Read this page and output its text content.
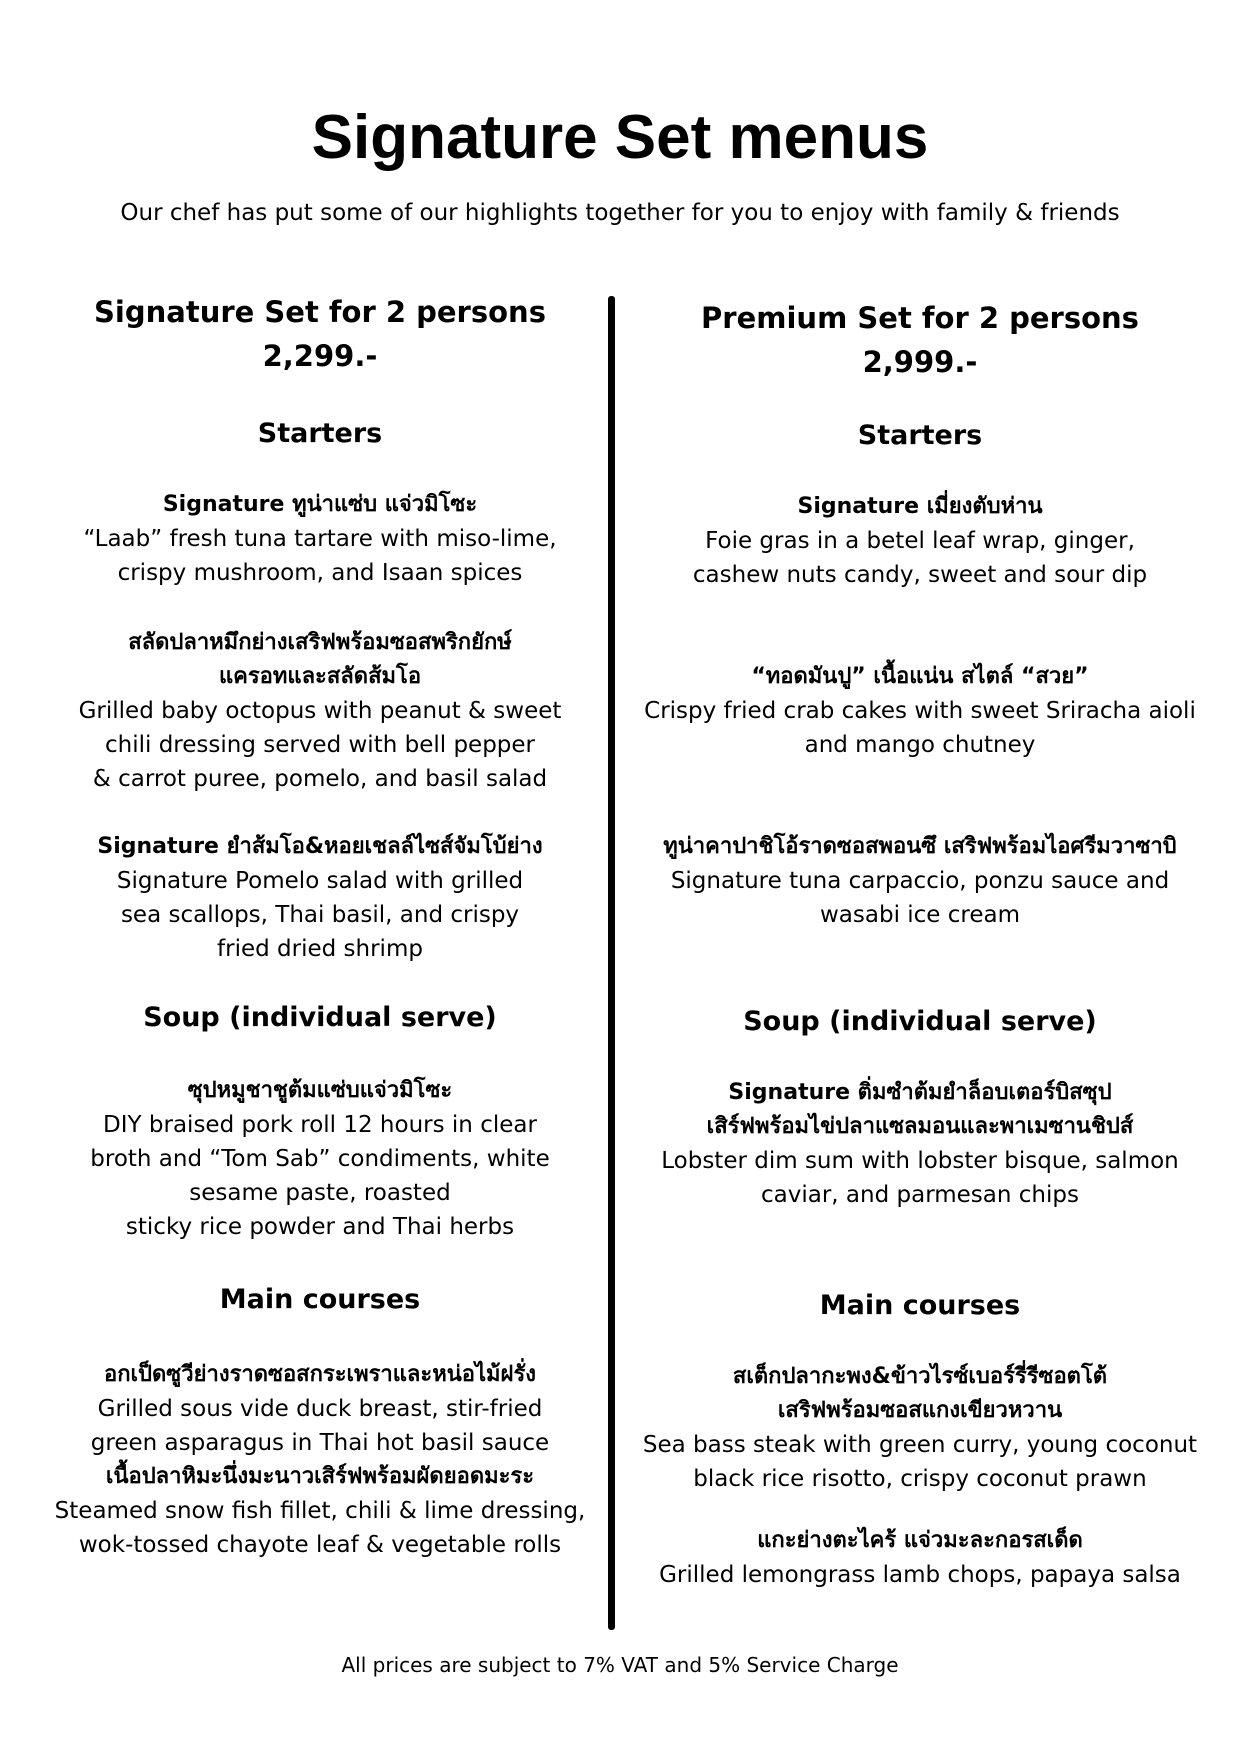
Signature Set menus
Our chef has put some of our highlights together for you to enjoy with family & friends
Signature Set for 2 persons
2,299.-
Starters
Signature ทูน่าแซ่บ แจ่วมิโซะ
“Laab” fresh tuna tartare with miso-lime,
crispy mushroom, and Isaan spices
สลัดปลาหมึกย่างเสริฟพร้อมซอสพริกยักษ์
แครอทและสลัดส้มโอ
Grilled baby octopus with peanut & sweet
chili dressing served with bell pepper
& carrot puree, pomelo, and basil salad
Signature ยำส้มโอ&หอยเชลล์ไซส์จัมโบ้ย่าง
Signature Pomelo salad with grilled
sea scallops, Thai basil, and crispy
fried dried shrimp
Soup (individual serve)
ซุปหมูชาชูต้มแซ่บแจ่วมิโซะ
DIY braised pork roll 12 hours in clear
broth and “Tom Sab” condiments, white
sesame paste, roasted
sticky rice powder and Thai herbs
Main courses
อกเป็ดซูวีย่างราดซอสกระเพราและหน่อไม้ฝรั่ง
Grilled sous vide duck breast, stir-fried
green asparagus in Thai hot basil sauce
เนื้อปลาหิมะนึ่งมะนาวเสิร์ฟพร้อมผัดยอดมะระ
Steamed snow fish fillet, chili & lime dressing,
wok-tossed chayote leaf & vegetable rolls
Premium Set for 2 persons
2,999.-
Starters
Signature เมี่ยงตับห่าน
Foie gras in a betel leaf wrap, ginger,
cashew nuts candy, sweet and sour dip
“ทอดมันปู” เนื้อแน่น สไตล์ “สวย”
Crispy fried crab cakes with sweet Sriracha aioli
and mango chutney
ทูน่าคาปาชิโอ้ราดซอสพอนซึ เสริฟพร้อมไอศรีมวาซาบิ
Signature tuna carpaccio, ponzu sauce and
wasabi ice cream
Soup (individual serve)
Signature ติ่มซำต้มยำล็อบเตอร์บิสซุป
เสิร์ฟพร้อมไข่ปลาแซลมอนและพาเมซานชิปส์
Lobster dim sum with lobster bisque, salmon
caviar, and parmesan chips
Main courses
สเต็กปลากะพง&ข้าวไรซ์เบอร์รี่รีซอตโต้
เสริฟพร้อมซอสแกงเขียวหวาน
Sea bass steak with green curry, young coconut
black rice risotto, crispy coconut prawn
แกะย่างตะไคร้ แจ่วมะละกอรสเด็ด
Grilled lemongrass lamb chops, papaya salsa
All prices are subject to 7% VAT and 5% Service Charge
